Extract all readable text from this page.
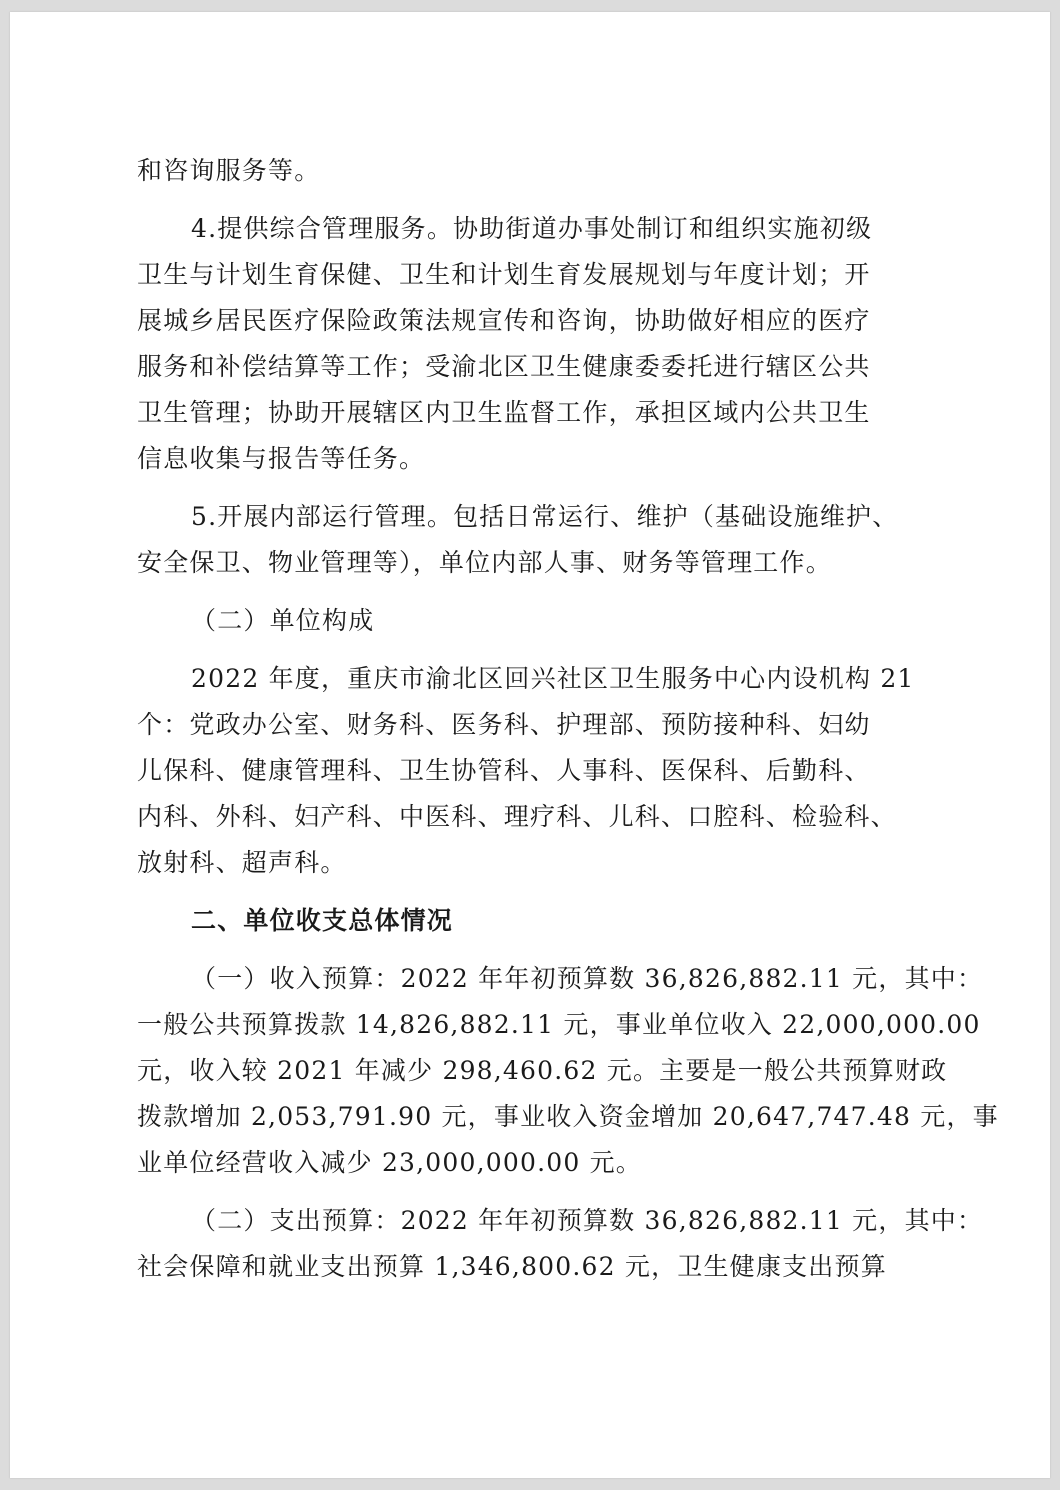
和咨询服务等。
4.提供综合管理服务。协助街道办事处制订和组织实施初级
卫生与计划生育保健、卫生和计划生育发展规划与年度计划；开
展城乡居民医疗保险政策法规宣传和咨询，协助做好相应的医疗
服务和补偿结算等工作；受渝北区卫生健康委委托进行辖区公共
卫生管理；协助开展辖区内卫生监督工作，承担区域内公共卫生
信息收集与报告等任务。
5.开展内部运行管理。包括日常运行、维护（基础设施维护、
安全保卫、物业管理等），单位内部人事、财务等管理工作。
（二）单位构成
2022 年度，重庆市渝北区回兴社区卫生服务中心内设机构 21
个：党政办公室、财务科、医务科、护理部、预防接种科、妇幼
儿保科、健康管理科、卫生协管科、人事科、医保科、后勤科、
内科、外科、妇产科、中医科、理疗科、儿科、口腔科、检验科、
放射科、超声科。
二、单位收支总体情况
（一）收入预算：2022 年年初预算数 36,826,882.11 元，其中：
一般公共预算拨款 14,826,882.11 元，事业单位收入 22,000,000.00
元，收入较 2021 年减少 298,460.62 元。主要是一般公共预算财政
拨款增加 2,053,791.90 元，事业收入资金增加 20,647,747.48 元，事
业单位经营收入减少 23,000,000.00 元。
（二）支出预算：2022 年年初预算数 36,826,882.11 元，其中：
社会保障和就业支出预算 1,346,800.62 元，卫生健康支出预算
